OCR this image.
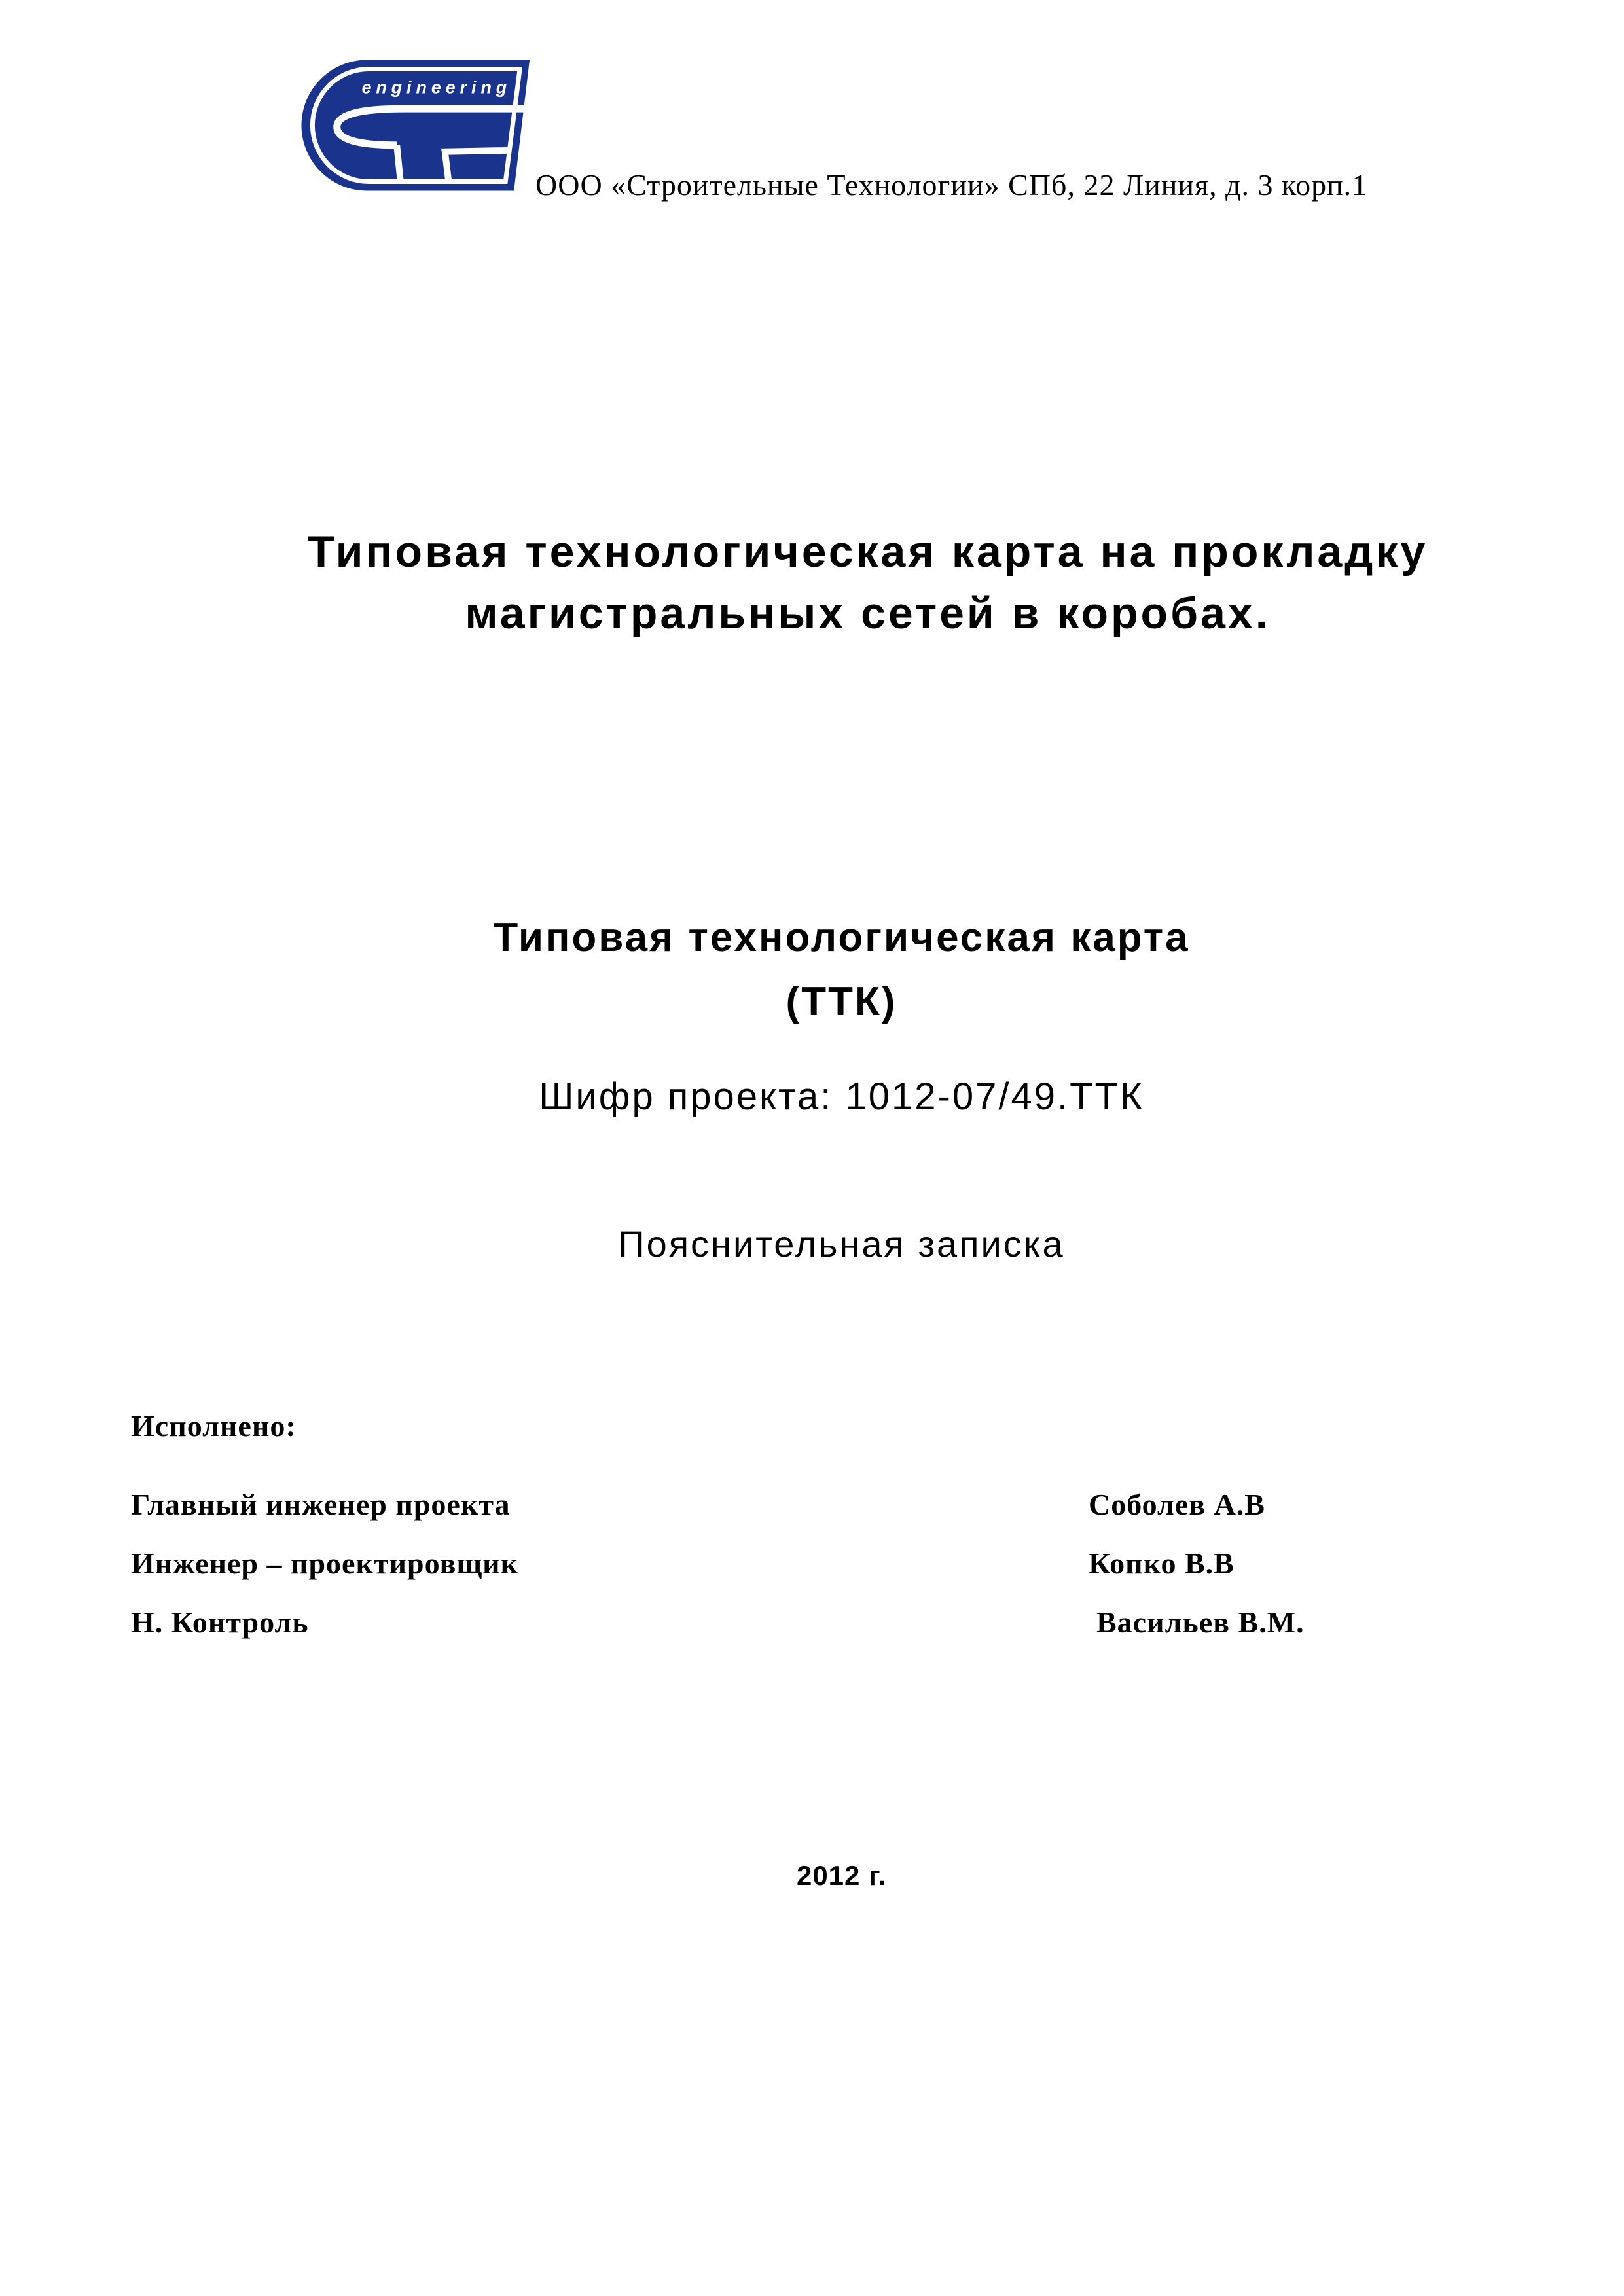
engineering
ООО «Строительные Технологии» СПб, 22 Линия, д. 3 корп.1
Типовая технологическая карта на прокладку
магистральных сетей в коробах.
Типовая технологическая карта
(ТТК)
Шифр проекта: 1012-07/49.ТТК
Пояснительная записка
Исполнено:
Главный инженер проекта	Соболев А.В
Инженер – проектировщик	Копко В.В
Н. Контроль	Васильев В.М.
2012 г.
